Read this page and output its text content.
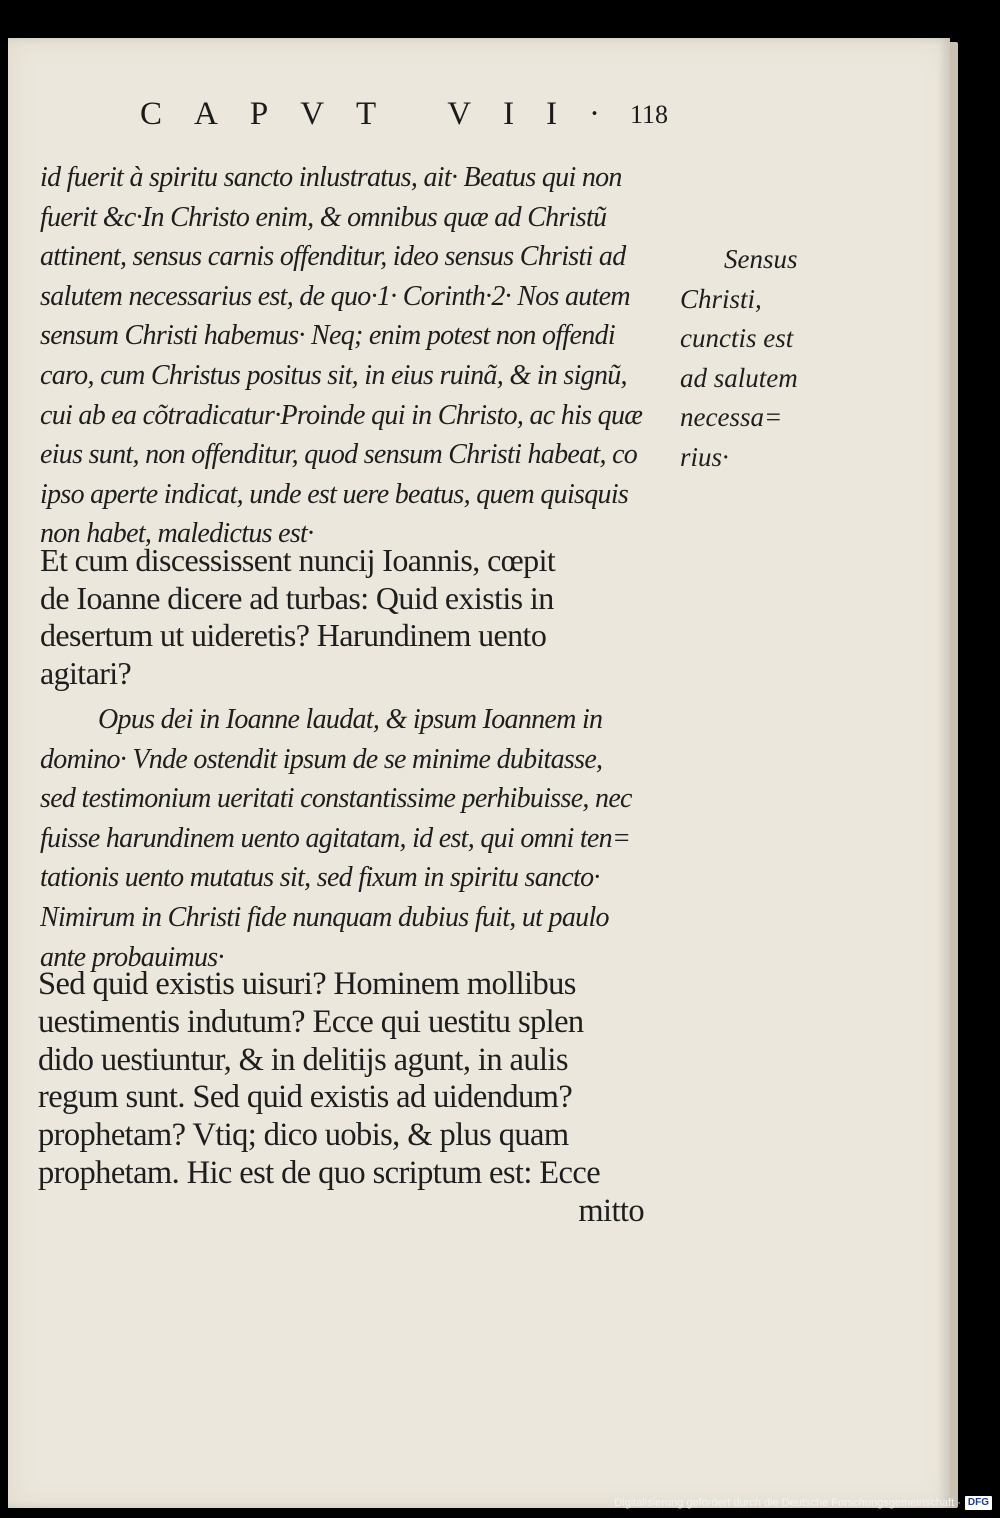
CAPVT VII·
118
id fuerit à spiritu sancto inlustratus, ait· Beatus qui non
fuerit &c·In Christo enim, & omnibus quæ ad Christũ
attinent, sensus carnis offenditur, ideo sensus Christi ad
salutem necessarius est, de quo·1· Corinth·2· Nos autem
sensum Christi habemus· Neq; enim potest non offendi
caro, cum Christus positus sit, in eius ruinã, & in signũ,
cui ab ea cõtradicatur·Proinde qui in Christo, ac his quæ
eius sunt, non offenditur, quod sensum Christi habeat, co
ipso aperte indicat, unde est uere beatus, quem quisquis
non habet, maledictus est·
Sensus
Christi,
cunctis est
ad salutem
necessa=
rius·
Et cum discessissent nuncij Ioannis, cœpit
de Ioanne dicere ad turbas: Quid existis in
desertum ut uideretis? Harundinem uento
agitari?
Opus dei in Ioanne laudat, & ipsum Ioannem in
domino· Vnde ostendit ipsum de se minime dubitasse,
sed testimonium ueritati constantissime perhibuisse, nec
fuisse harundinem uento agitatam, id est, qui omni ten=
tationis uento mutatus sit, sed fixum in spiritu sancto·
Nimirum in Christi fide nunquam dubius fuit, ut paulo
ante probauimus·
Sed quid existis uisuri? Hominem mollibus
uestimentis indutum? Ecce qui uestitu splen
dido uestiuntur, & in delitijs agunt, in aulis
regum sunt. Sed quid existis ad uidendum?
prophetam? Vtiq; dico uobis, & plus quam
prophetam. Hic est de quo scriptum est: Ecce
mitto
Digitalisierung gefördert durch die Deutsche Forschungsgemeinschaft · DFG
